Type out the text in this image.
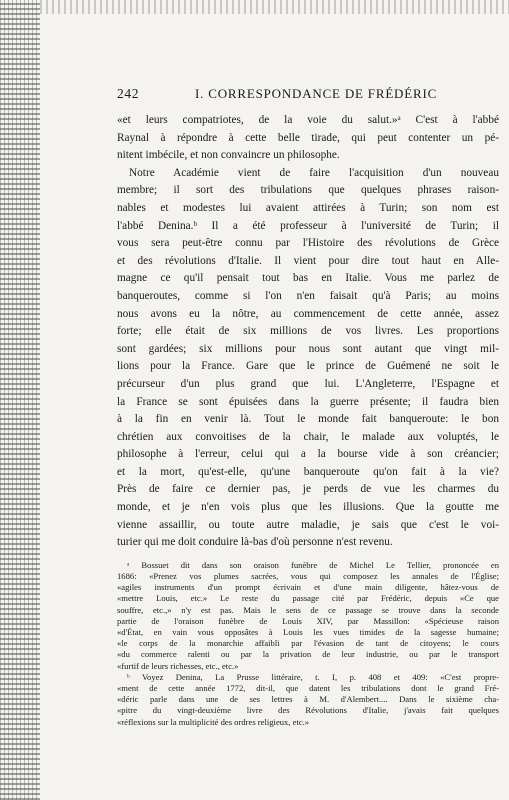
242	I. CORRESPONDANCE DE FRÉDÉRIC
«et leurs compatriotes, de la voie du salut.»ᵃ C'est à l'abbé
Raynal à répondre à cette belle tirade, qui peut contenter un pé-
nitent imbécile, et non convaincre un philosophe.
Notre Académie vient de faire l'acquisition d'un nouveau
membre; il sort des tribulations que quelques phrases raison-
nables et modestes lui avaient attirées à Turin; son nom est
l'abbé Denina.ᵇ Il a été professeur à l'université de Turin; il
vous sera peut-être connu par l'Histoire des révolutions de Grèce
et des révolutions d'Italie. Il vient pour dire tout haut en Alle-
magne ce qu'il pensait tout bas en Italie. Vous me parlez de
banqueroutes, comme si l'on n'en faisait qu'à Paris; au moins
nous avons eu la nôtre, au commencement de cette année, assez
forte; elle était de six millions de vos livres. Les proportions
sont gardées; six millions pour nous sont autant que vingt mil-
lions pour la France. Gare que le prince de Guémené ne soit le
précurseur d'un plus grand que lui. L'Angleterre, l'Espagne et
la France se sont épuisées dans la guerre présente; il faudra bien
à la fin en venir là. Tout le monde fait banqueroute: le bon
chrétien aux convoitises de la chair, le malade aux voluptés, le
philosophe à l'erreur, celui qui a la bourse vide à son créancier;
et la mort, qu'est-elle, qu'une banqueroute qu'on fait à la vie?
Près de faire ce dernier pas, je perds de vue les charmes du
monde, et je n'en vois plus que les illusions. Que la goutte me
vienne assaillir, ou toute autre maladie, je sais que c'est le voi-
turier qui me doit conduire là-bas d'où personne n'est revenu.
ᵃ Bossuet dit dans son oraison funèbre de Michel Le Tellier, prononcée en
1686: «Prenez vos plumes sacrées, vous qui composez les annales de l'Église;
«agiles instruments d'un prompt écrivain et d'une main diligente, hâtez-vous de
«mettre Louis, etc.» Le reste du passage cité par Frédéric, depuis «Ce que
souffre, etc.,» n'y est pas. Mais le sens de ce passage se trouve dans la seconde
partie de l'oraison funèbre de Louis XIV, par Massillon: «Spécieuse raison
«d'État, en vain vous opposâtes à Louis les vues timides de la sagesse humaine;
«le corps de la monarchie affaibli par l'évasion de tant de citoyens; le cours
«du commerce ralenti ou par la privation de leur industrie, ou par le transport
«furtif de leurs richesses, etc., etc.»
ᵇ Voyez Denina, La Prusse littéraire, t. I, p. 408 et 409: «C'est propre-
«ment de cette année 1772, dit-il, que datent les tribulations dont le grand Fré-
«déric parle dans une de ses lettres à M. d'Alembert.... Dans le sixième cha-
«pitre du vingt-deuxième livre des Révolutions d'Italie, j'avais fait quelques
«réflexions sur la multiplicité des ordres religieux, etc.»
